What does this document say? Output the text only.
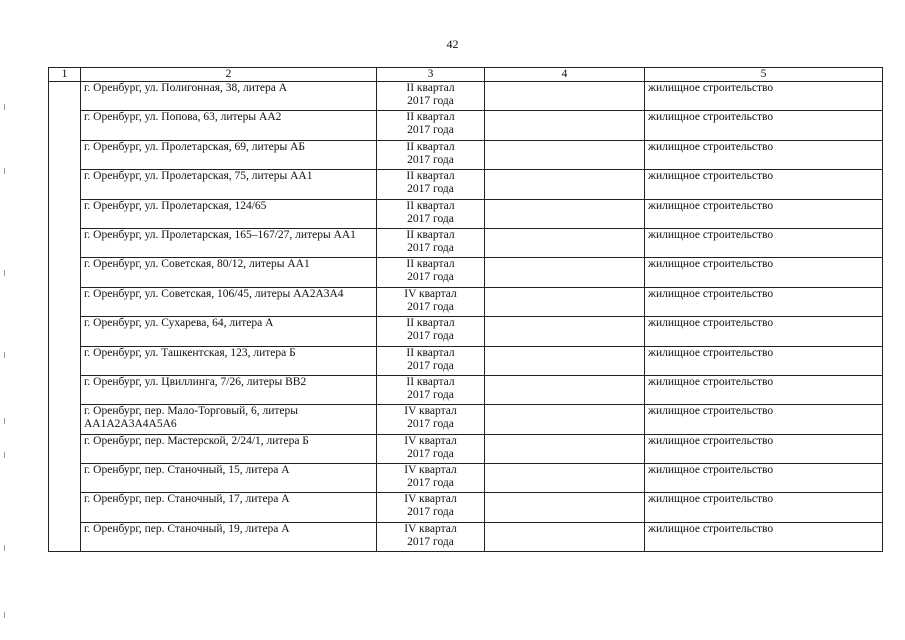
42
1	2	3	4	5
	г. Оренбург, ул. Полигонная, 38, литера А	II квартал
2017 года		жилищное строительство
	г. Оренбург, ул. Попова, 63, литеры АА2	II квартал
2017 года		жилищное строительство
	г. Оренбург, ул. Пролетарская, 69, литеры АБ	II квартал
2017 года		жилищное строительство
	г. Оренбург, ул. Пролетарская, 75, литеры АА1	II квартал
2017 года		жилищное строительство
	г. Оренбург, ул. Пролетарская, 124/65	II квартал
2017 года		жилищное строительство
	г. Оренбург, ул. Пролетарская, 165–167/27, литеры АА1	II квартал
2017 года		жилищное строительство
	г. Оренбург, ул. Советская, 80/12, литеры АА1	II квартал
2017 года		жилищное строительство
	г. Оренбург, ул. Советская, 106/45, литеры АА2А3А4	IV квартал
2017 года		жилищное строительство
	г. Оренбург, ул. Сухарева, 64, литера А	II квартал
2017 года		жилищное строительство
	г. Оренбург, ул. Ташкентская, 123, литера Б	II квартал
2017 года		жилищное строительство
	г. Оренбург, ул. Цвиллинга, 7/26, литеры ВВ2	II квартал
2017 года		жилищное строительство
	г. Оренбург, пер. Мало-Торговый, 6, литеры АА1А2А3А4А5А6	IV квартал
2017 года		жилищное строительство
	г. Оренбург, пер. Мастерской, 2/24/1, литера Б	IV квартал
2017 года		жилищное строительство
	г. Оренбург, пер. Станочный, 15, литера А	IV квартал
2017 года		жилищное строительство
	г. Оренбург, пер. Станочный, 17, литера А	IV квартал
2017 года		жилищное строительство
	г. Оренбург, пер. Станочный, 19, литера А	IV квартал
2017 года		жилищное строительство
